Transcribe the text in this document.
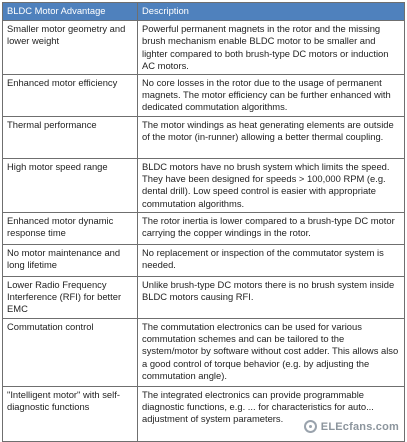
BLDC Motor Advantage	Description
Smaller motor geometry and lower weight	Powerful permanent magnets in the rotor and the missing brush mechanism enable BLDC motor to be smaller and lighter compared to both brush-type DC motors or induction AC motors.
Enhanced motor efficiency	No core losses in the rotor due to the usage of permanent magnets. The motor efficiency can be further enhanced with dedicated commutation algorithms.
Thermal performance	The motor windings as heat generating elements are outside of the motor (in-runner) allowing a better thermal coupling.
High motor speed range	BLDC motors have no brush system which limits the speed. They have been designed for speeds > 100,000 RPM (e.g. dental drill). Low speed control is easier with appropriate commutation algorithms.
Enhanced motor dynamic response time	The rotor inertia is lower compared to a brush-type DC motor carrying the copper windings in the rotor.
No motor maintenance and long lifetime	No replacement or inspection of the commutator system is needed.
Lower Radio Frequency Interference (RFI) for better EMC	Unlike brush-type DC motors there is no brush system inside BLDC motors causing RFI.
Commutation control	The commutation electronics can be used for various commutation schemes and can be tailored to the system/motor by software without cost adder. This allows also a good control of torque behavior (e.g. by adjusting the commutation angle).
"Intelligent motor" with self-diagnostic functions	The integrated electronics can provide programmable diagnostic functions, e.g. ... for characteristics for auto... adjustment of system parameters.
ELEcfans.com
